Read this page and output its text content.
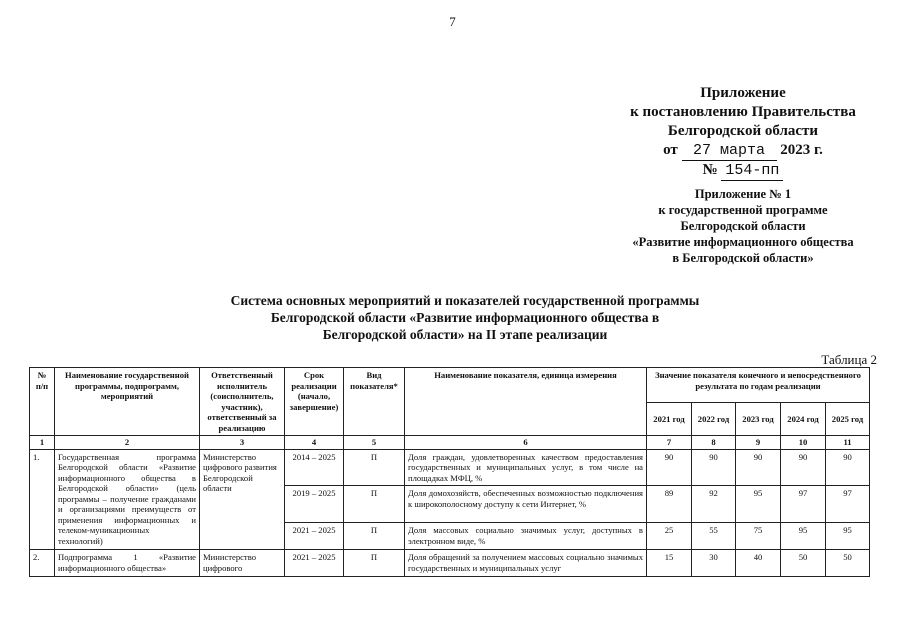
7
Приложение
к постановлению Правительства
Белгородской области
от 27 марта 2023 г.
№ 154-пп
Приложение № 1
к государственной программе
Белгородской области
«Развитие информационного общества
в Белгородской области»
Система основных мероприятий и показателей государственной программы Белгородской области «Развитие информационного общества в Белгородской области» на II этапе реализации
Таблица 2
№ п/п	Наименование государственной программы, подпрограмм, мероприятий	Ответственный исполнитель (соисполнитель, участник), ответственный за реализацию	Срок реализации (начало, завершение)	Вид показателя*	Наименование показателя, единица измерения	Значение показателя конечного и непосредственного результата по годам реализации				
						2021 год	2022 год	2023 год	2024 год	2025 год
1	2	3	4	5	6	7	8	9	10	11
1.	Государственная программа Белгородской области «Развитие информационного общества в Белгородской области» (цель программы – получение гражданами и организациями преимуществ от применения информационных и телеком-муникационных технологий)	Министерство цифрового развития Белгородской области	2014 – 2025	П	Доля граждан, удовлетворенных качеством предоставления государственных и муниципальных услуг, в том числе на площадках МФЦ, %	90	90	90	90	90
			2019 – 2025	П	Доля домохозяйств, обеспеченных возможностью подключения к широкополосному доступу к сети Интернет, %	89	92	95	97	97
			2021 – 2025	П	Доля массовых социально значимых услуг, доступных в электронном виде, %	25	55	75	95	95
2.	Подпрограмма 1 «Развитие информационного общества»	Министерство цифрового	2021 – 2025	П	Доля обращений за получением массовых социально значимых государственных и муниципальных услуг	15	30	40	50	50
